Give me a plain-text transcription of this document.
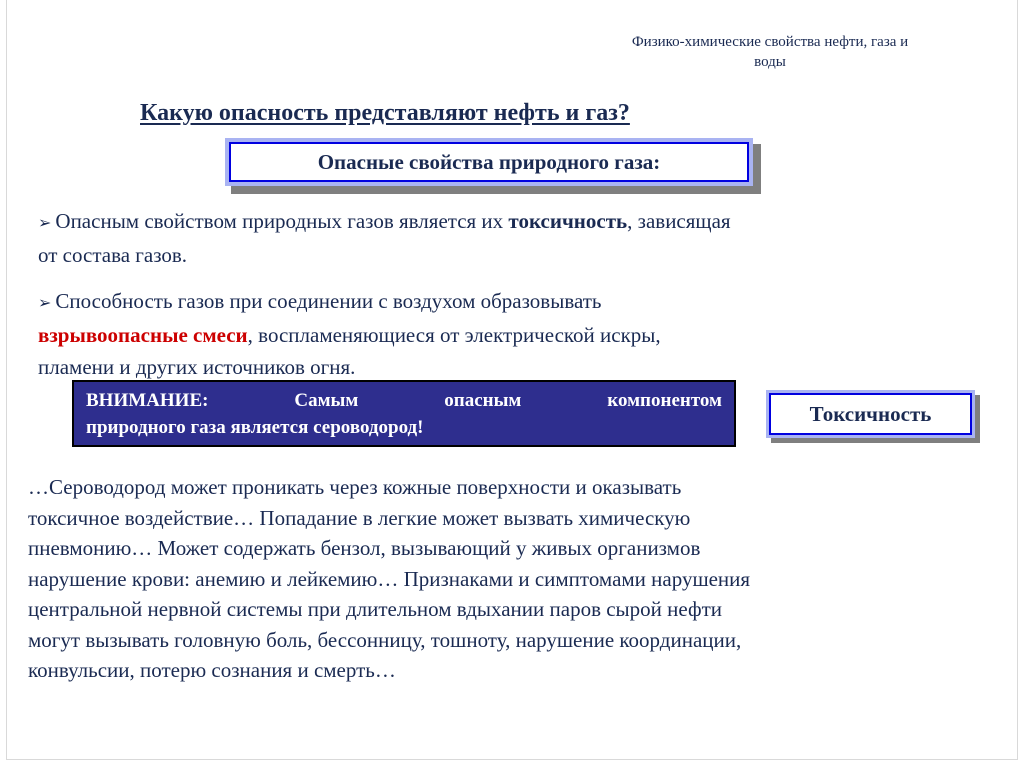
Физико-химические свойства нефти, газа и
воды
Какую опасность представляют нефть и газ?
Опасные свойства природного газа:
➢ Опасным свойством природных газов является их токсичность, зависящая
от состава газов.
➢ Способность газов при соединении с воздухом образовывать
взрывоопасные смеси, воспламеняющиеся от электрической искры,
пламени и других источников огня.
ВНИМАНИЕ:	Самым	опасным	компонентом
природного газа является сероводород!
Токсичность
…Сероводород может проникать через кожные поверхности и оказывать
токсичное воздействие… Попадание в легкие может вызвать химическую
пневмонию… Может содержать бензол, вызывающий у живых организмов
нарушение крови: анемию и лейкемию… Признаками и симптомами нарушения
центральной нервной системы при длительном вдыхании паров сырой нефти
могут вызывать головную боль, бессонницу, тошноту, нарушение координации,
конвульсии, потерю сознания и смерть…
